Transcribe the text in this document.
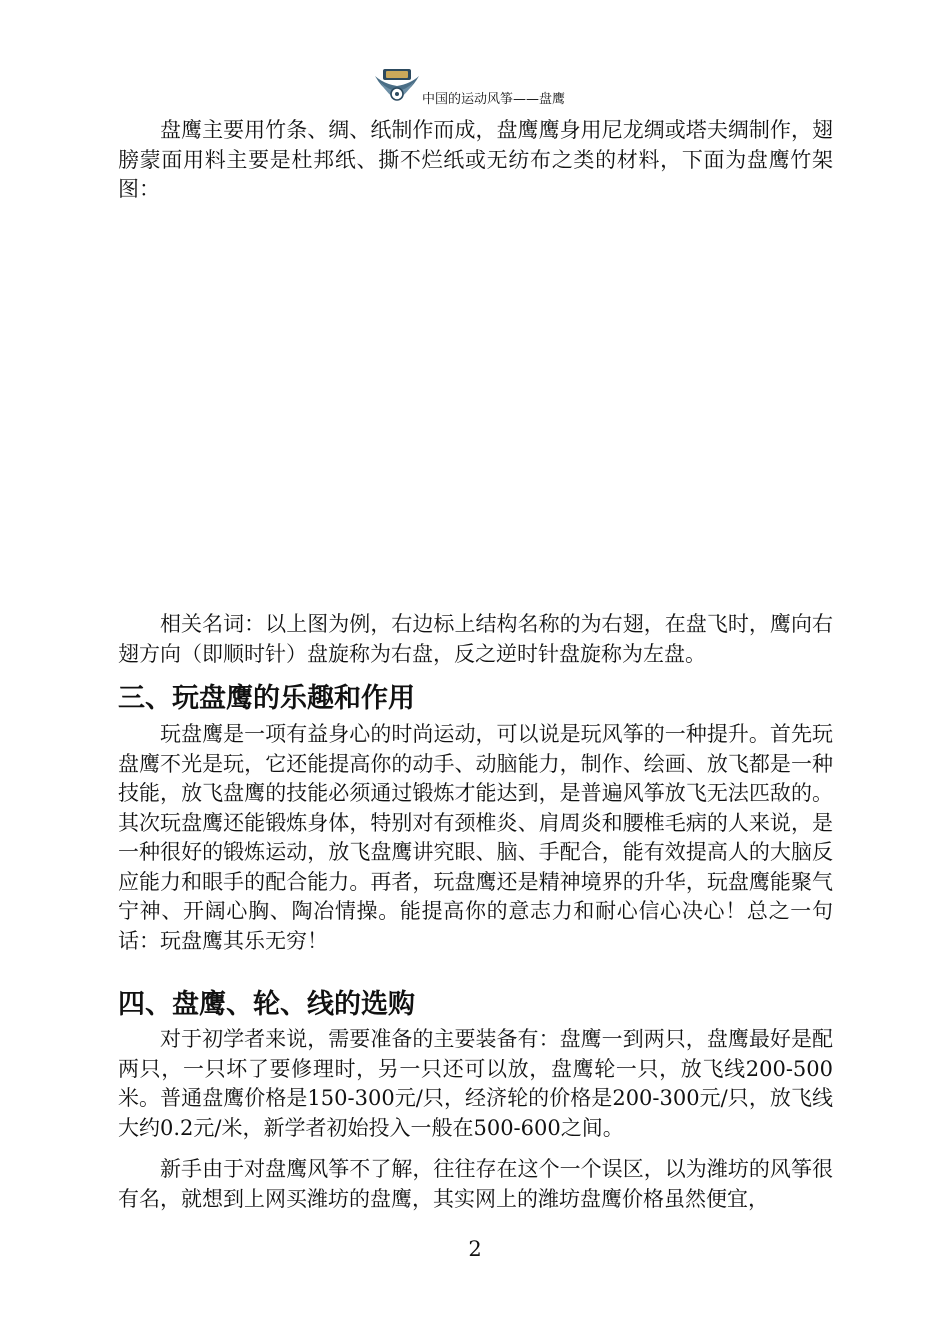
中国的运动风筝——盘鹰

盘鹰主要用竹条、绸、纸制作而成，盘鹰鹰身用尼龙绸或塔夫绸制作，翅膀蒙面用料主要是杜邦纸、撕不烂纸或无纺布之类的材料，下面为盘鹰竹架图：

相关名词：以上图为例，右边标上结构名称的为右翅，在盘飞时，鹰向右翅方向（即顺时针）盘旋称为右盘，反之逆时针盘旋称为左盘。

三、玩盘鹰的乐趣和作用

玩盘鹰是一项有益身心的时尚运动，可以说是玩风筝的一种提升。首先玩盘鹰不光是玩，它还能提高你的动手、动脑能力，制作、绘画、放飞都是一种技能，放飞盘鹰的技能必须通过锻炼才能达到，是普遍风筝放飞无法匹敌的。其次玩盘鹰还能锻炼身体，特别对有颈椎炎、肩周炎和腰椎毛病的人来说，是一种很好的锻炼运动，放飞盘鹰讲究眼、脑、手配合，能有效提高人的大脑反应能力和眼手的配合能力。再者，玩盘鹰还是精神境界的升华，玩盘鹰能聚气宁神、开阔心胸、陶冶情操。能提高你的意志力和耐心信心决心！总之一句话：玩盘鹰其乐无穷！

四、盘鹰、轮、线的选购

对于初学者来说，需要准备的主要装备有：盘鹰一到两只，盘鹰最好是配两只，一只坏了要修理时，另一只还可以放，盘鹰轮一只，放飞线200-500米。普通盘鹰价格是150-300元/只，经济轮的价格是200-300元/只，放飞线大约0.2元/米，新学者初始投入一般在500-600之间。

新手由于对盘鹰风筝不了解，往往存在这个一个误区，以为潍坊的风筝很有名，就想到上网买潍坊的盘鹰，其实网上的潍坊盘鹰价格虽然便宜，

2
